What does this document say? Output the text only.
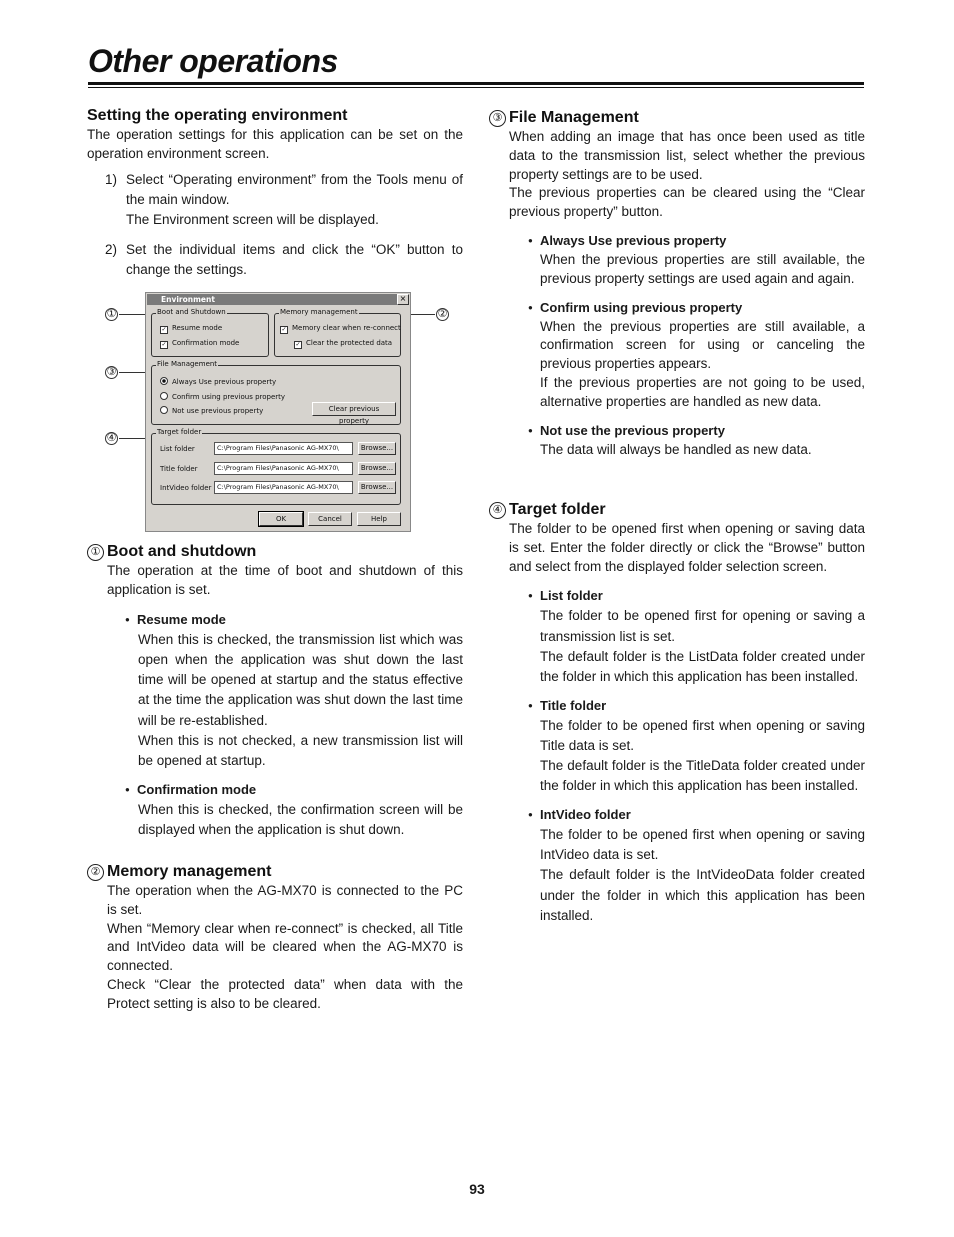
Other operations
Setting the operating environment

The operation settings for this application can be set on the operation environment screen.

1) Select “Operating environment” from the Tools menu of the main window.
The Environment screen will be displayed.
2) Set the individual items and click the “OK” button to change the settings.
①	②
③
④
Environment	×
Boot and Shutdown
✓ Resume mode
✓ Confirmation mode
Memory management
✓ Memory clear when re-connect
✓ Clear the protected data
File Management
Always Use previous property
Confirm using previous property
Not use previous property	Clear previous property
Target folder
List folder	C:\Program Files\Panasonic AG-MX70\	Browse...
Title folder	C:\Program Files\Panasonic AG-MX70\	Browse...
IntVideo folder C:\Program Files\Panasonic AG-MX70\	Browse...
OK	Cancel	Help
① Boot and shutdown

The operation at the time of boot and shutdown of this application is set.

● Resume mode

When this is checked, the transmission list which was open when the application was shut down the last time will be opened at startup and the status effective at the time the application was shut down the last time will be re-established.

When this is not checked, a new transmission list will be opened at startup.

● Confirmation mode

When this is checked, the confirmation screen will be displayed when the application is shut down.

② Memory management

The operation when the AG-MX70 is connected to the PC is set.

When “Memory clear when re-connect” is checked, all Title and IntVideo data will be cleared when the AG-MX70 is connected.

Check “Clear the protected data” when data with the Protect setting is also to be cleared.

③ File Management

When adding an image that has once been used as title data to the transmission list, select whether the previous property settings are to be used.

The previous properties can be cleared using the “Clear previous property” button.

● Always Use previous property

When the previous properties are still available, the previous property settings are used again and again.

● Confirm using previous property

When the previous properties are still available, a confirmation screen for using or canceling the previous properties appears.

If the previous properties are not going to be used, alternative properties are handled as new data.

● Not use the previous property

The data will always be handled as new data.

④ Target folder

The folder to be opened first when opening or saving data is set. Enter the folder directly or click the “Browse” button and select from the displayed folder selection screen.

● List folder

The folder to be opened first for opening or saving a transmission list is set.

The default folder is the ListData folder created under the folder in which this application has been installed.

● Title folder

The folder to be opened first when opening or saving Title data is set.

The default folder is the TitleData folder created under the folder in which this application has been installed.

● IntVideo folder

The folder to be opened first when opening or saving IntVideo data is set.

The default folder is the IntVideoData folder created under the folder in which this application has been installed.

93
